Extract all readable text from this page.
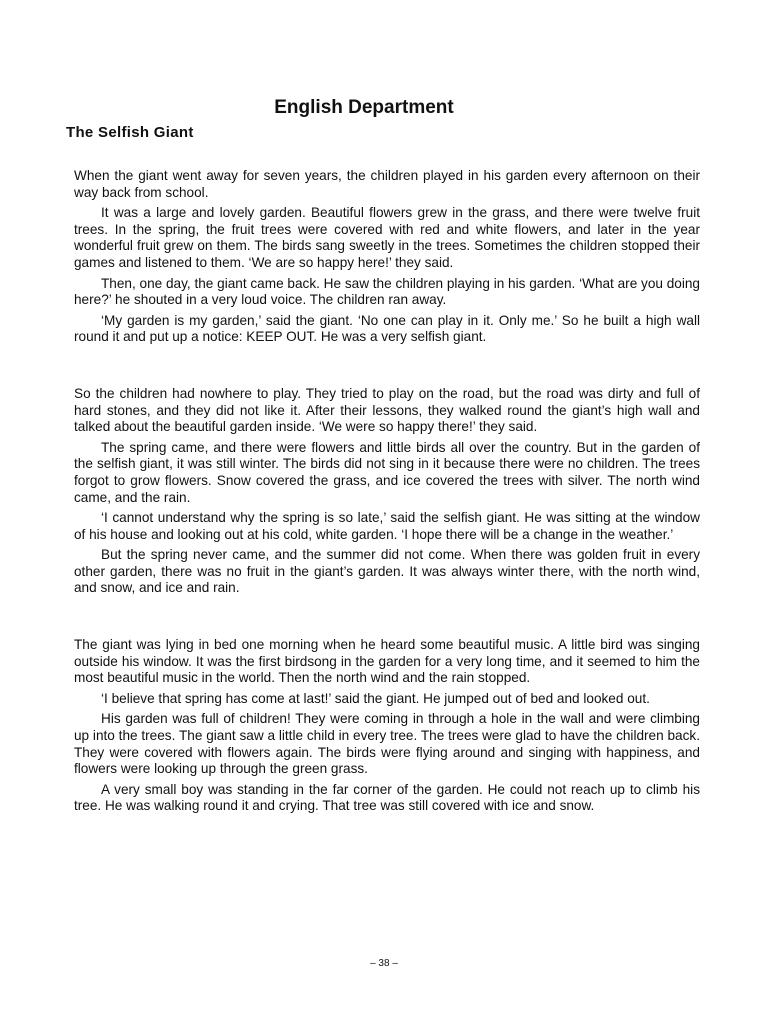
English Department
The Selfish Giant

When the giant went away for seven years, the children played in his garden every afternoon on their way back from school.

It was a large and lovely garden. Beautiful flowers grew in the grass, and there were twelve fruit trees. In the spring, the fruit trees were covered with red and white flowers, and later in the year wonderful fruit grew on them. The birds sang sweetly in the trees. Sometimes the children stopped their games and listened to them. ‘We are so happy here!’ they said.

Then, one day, the giant came back. He saw the children playing in his garden. ‘What are you doing here?’ he shouted in a very loud voice. The children ran away.

‘My garden is my garden,’ said the giant. ‘No one can play in it. Only me.’ So he built a high wall round it and put up a notice: KEEP OUT. He was a very selfish giant.

So the children had nowhere to play. They tried to play on the road, but the road was dirty and full of hard stones, and they did not like it. After their lessons, they walked round the giant’s high wall and talked about the beautiful garden inside. ‘We were so happy there!’ they said.

The spring came, and there were flowers and little birds all over the country. But in the garden of the selfish giant, it was still winter. The birds did not sing in it because there were no children. The trees forgot to grow flowers. Snow covered the grass, and ice covered the trees with silver. The north wind came, and the rain.

‘I cannot understand why the spring is so late,’ said the selfish giant. He was sitting at the window of his house and looking out at his cold, white garden. ‘I hope there will be a change in the weather.’

But the spring never came, and the summer did not come. When there was golden fruit in every other garden, there was no fruit in the giant’s garden. It was always winter there, with the north wind, and snow, and ice and rain.

The giant was lying in bed one morning when he heard some beautiful music. A little bird was singing outside his window. It was the first birdsong in the garden for a very long time, and it seemed to him the most beautiful music in the world. Then the north wind and the rain stopped.

‘I believe that spring has come at last!’ said the giant. He jumped out of bed and looked out.

His garden was full of children! They were coming in through a hole in the wall and were climbing up into the trees. The giant saw a little child in every tree. The trees were glad to have the children back. They were covered with flowers again. The birds were flying around and singing with happiness, and flowers were looking up through the green grass.

A very small boy was standing in the far corner of the garden. He could not reach up to climb his tree. He was walking round it and crying. That tree was still covered with ice and snow.

– 38 –
